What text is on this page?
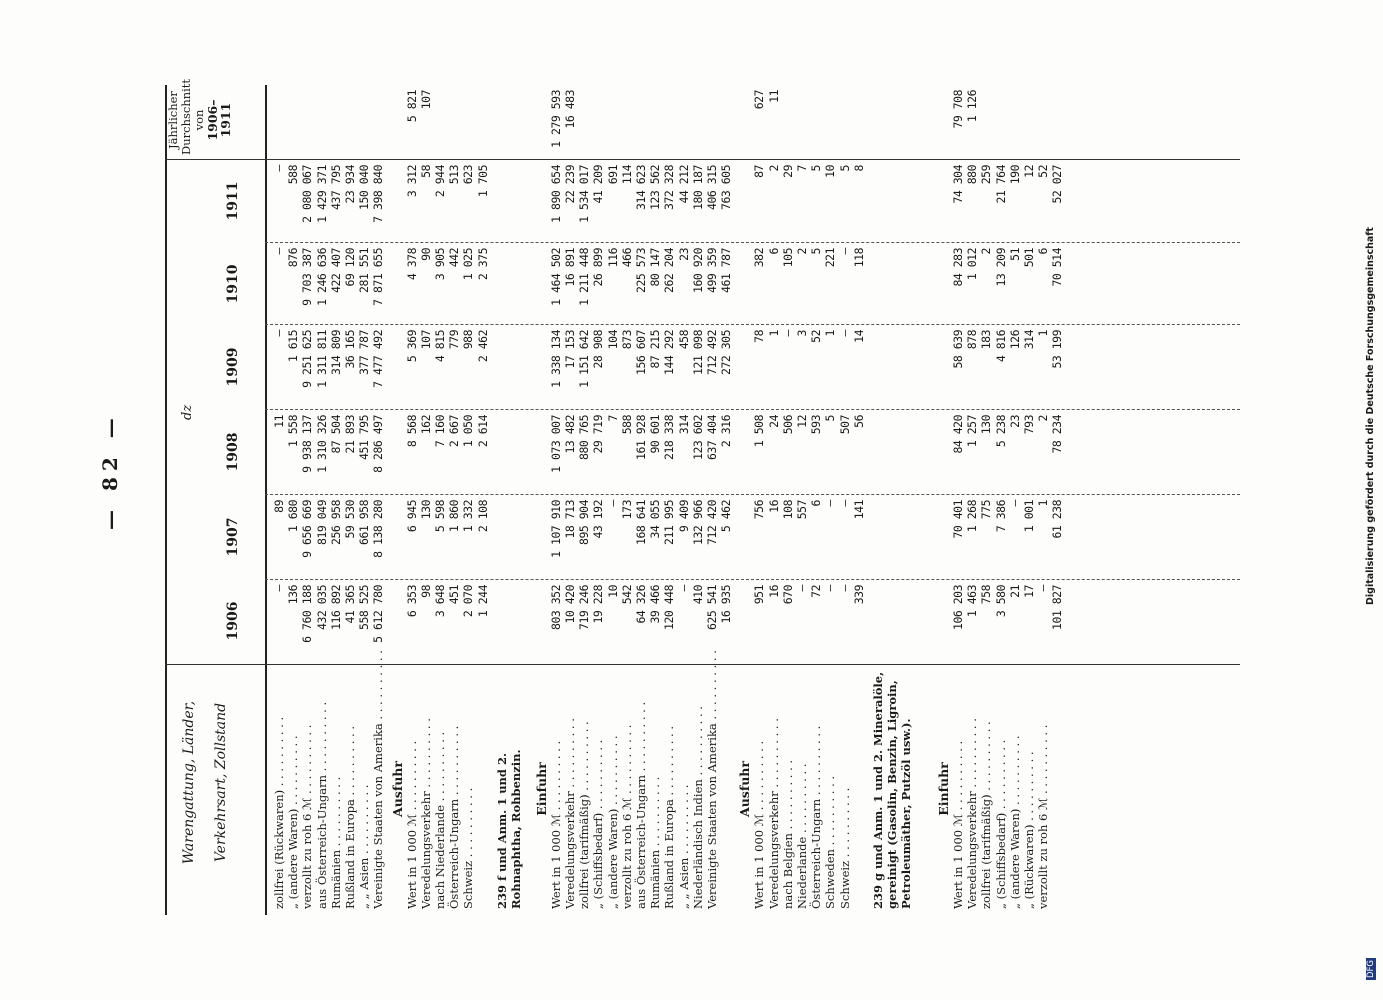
— 82 —
Warengattung, Länder,	Verkehrsart, Zollstand
dz
1906
1907
1908
1909
1910
1911
Jährlicher Durchschnitt von 1906–1911
zollfrei (Rückwaren) . . . . . . . . . .
—
89
11
—
—
—
„ (andere Waren) . . . . . . . . . .
136
1 680
1 558
1 615
876
588
verzollt zu roh 6 ℳ . . . . . . . . . .
6 760 188
9 656 669
9 938 137
9 251 625
9 703 387
2 080 067
aus Österreich-Ungarn . . . . . . . . . .
432 035
819 049
1 310 326
1 311 811
1 246 636
1 429 371
Rumänien . . . . . . . . . .
116 892
256 958
87 504
314 809
422 407
437 795
Rußland in Europa . . . . . . . . . .
41 365
59 530
21 893
36 165
69 120
23 934
„ „ Asien . . . . . . . . . .
558 525
661 958
451 795
377 787
281 551
150 040
Vereinigte Staaten von Amerika . . . . . . . . . .
5 612 780
8 138 280
8 286 497
7 477 492
7 871 655
7 398 840
Ausfuhr Wert in 1 000 ℳ . . . . . . . . . .
6 353
6 945
8 568
5 369
4 378
3 312
5 821
Veredelungsverkehr . . . . . . . . . .
98
130
162
107
90
58
107
nach Niederlande . . . . . . . . . .
3 648
5 598
7 160
4 815
3 905
2 944
Österreich-Ungarn . . . . . . . . . .
451
1 860
2 667
779
442
513
Schweiz . . . . . . . . . .
2 070
1 332
1 050
988
1 025
623
1 244
2 108
2 614
2 462
2 375
1 705
239 f und Anm. 1 und 2. Rohnaphtha, Rohbenzin. Einfuhr Wert in 1 000 ℳ . . . . . . . . . .
803 352
1 107 910
1 073 007
1 338 134
1 464 502
1 890 654
1 279 593
Veredelungsverkehr . . . . . . . . . .
10 420
18 713
13 482
17 153
16 891
22 239
16 483
zollfrei (tarifmäßig) . . . . . . . . . .
719 246
895 904
880 765
1 151 642
1 211 448
1 534 017
„ (Schiffsbedarf) . . . . . . . . . .
19 228
43 192
29 719
28 908
26 899
41 209
„ (andere Waren) . . . . . . . . . .
10
—
7
104
116
691
verzollt zu roh 6 ℳ . . . . . . . . . .
542
173
588
873
466
114
aus Österreich-Ungarn . . . . . . . . . .
64 326
168 641
161 928
156 607
225 573
314 623
Rumänien . . . . . . . . . .
39 466
34 055
90 601
87 215
80 147
123 562
Rußland in Europa . . . . . . . . . .
120 448
211 995
218 338
144 292
262 204
372 328
„ „ Asien . . . . . . . . . .
—
9 409
314
458
23
44 212
Niederländisch Indien . . . . . . . . . .
410
132 966
123 602
121 098
160 920
180 187
Vereinigte Staaten von Amerika . . . . . . . . . .
625 541
712 420
637 404
712 492
499 359
406 315
16 935
5 462
2 316
272 305
461 787
763 605
Ausfuhr Wert in 1 000 ℳ . . . . . . . . . .
951
756
1 508
78
382
87
627
Veredelungsverkehr . . . . . . . . . .
16
16
24
1
6
2
11
nach Belgien . . . . . . . . . .
670
108
506
—
105
29
Niederlande . . . . . . . . . .
—
557
12
3
2
7
Österreich-Ungarn . . . . . . . . . .
72
6
593
52
5
5
Schweden . . . . . . . . . .
—
—
5
1
221
10
Schweiz . . . . . . . . . .
—
—
507
—
—
5
339
141
56
14
118
8
239 g und Anm. 1 und 2. Mineralöle, gereinigt (Gasolin, Benzin, Ligroin, Petroleumäther, Putzöl usw.). Einfuhr Wert in 1 000 ℳ . . . . . . . . . .
106 203
70 401
84 420
58 639
84 283
74 304
79 708
Veredelungsverkehr . . . . . . . . . .
1 463
1 268
1 257
878
1 012
880
1 126
zollfrei (tarifmäßig) . . . . . . . . . .
758
775
130
183
2
259
„ (Schiffsbedarf) . . . . . . . . . .
3 580
7 386
5 238
4 816
13 209
21 764
„ (andere Waren) . . . . . . . . . .
21
—
23
126
51
190
„ (Rückwaren) . . . . . . . . . .
17
1 001
793
314
501
12
verzollt zu roh 6 ℳ . . . . . . . . . .
—
1
2
1
6
52
101 827
61 238
78 234
53 199
70 514
52 027
DFG
Digitalisierung gefördert durch die Deutsche Forschungsgemeinschaft
